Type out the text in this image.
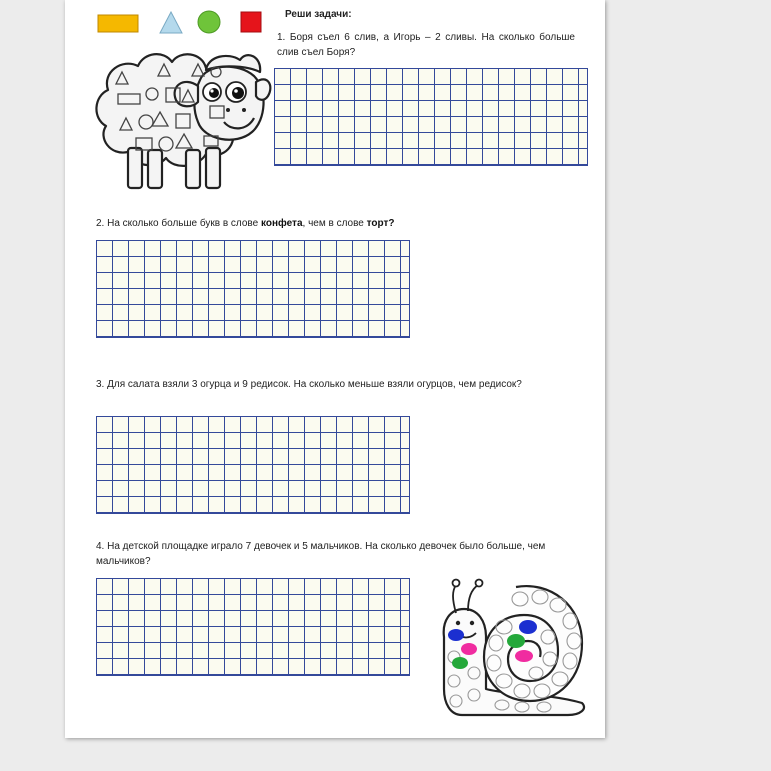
Реши задачи:

1. Боря съел 6 слив, а Игорь – 2 сливы. На сколько больше слив съел Боря?

2. На сколько больше букв в слове конфета, чем в слове торт?

3. Для салата взяли 3 огурца и 9 редисок. На сколько меньше взяли огурцов, чем редисок?

4. На детской площадке играло 7 девочек и 5 мальчиков. На сколько девочек было больше, чем мальчиков?
